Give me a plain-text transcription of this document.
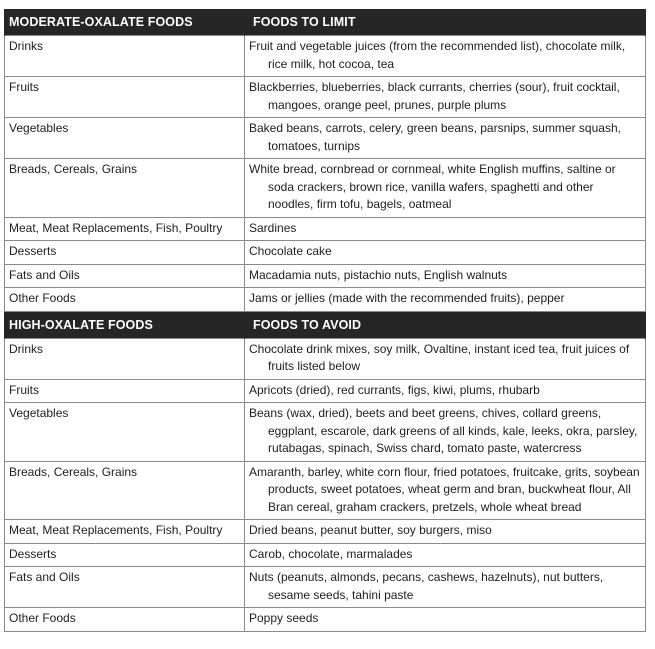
MODERATE-OXALATE FOODS	FOODS TO LIMIT
Drinks	Fruit and vegetable juices (from the recommended list), chocolate milk, rice milk, hot cocoa, tea

Fruits	Blackberries, blueberries, black currants, cherries (sour), fruit cocktail, mangoes, orange peel, prunes, purple plums

Vegetables	Baked beans, carrots, celery, green beans, parsnips, summer squash, tomatoes, turnips

Breads, Cereals, Grains	White bread, cornbread or cornmeal, white English muffins, saltine or soda crackers, brown rice, vanilla wafers, spaghetti and other noodles, firm tofu, bagels, oatmeal

Meat, Meat Replacements, Fish, Poultry	Sardines

Desserts	Chocolate cake

Fats and Oils	Macadamia nuts, pistachio nuts, English walnuts

Other Foods	Jams or jellies (made with the recommended fruits), pepper

HIGH-OXALATE FOODS	FOODS TO AVOID
Drinks	Chocolate drink mixes, soy milk, Ovaltine, instant iced tea, fruit juices of fruits listed below

Fruits	Apricots (dried), red currants, figs, kiwi, plums, rhubarb

Vegetables	Beans (wax, dried), beets and beet greens, chives, collard greens, eggplant, escarole, dark greens of all kinds, kale, leeks, okra, parsley, rutabagas, spinach, Swiss chard, tomato paste, watercress

Breads, Cereals, Grains	Amaranth, barley, white corn flour, fried potatoes, fruitcake, grits, soybean products, sweet potatoes, wheat germ and bran, buckwheat flour, All Bran cereal, graham crackers, pretzels, whole wheat bread

Meat, Meat Replacements, Fish, Poultry	Dried beans, peanut butter, soy burgers, miso

Desserts	Carob, chocolate, marmalades

Fats and Oils	Nuts (peanuts, almonds, pecans, cashews, hazelnuts), nut butters, sesame seeds, tahini paste

Other Foods	Poppy seeds
